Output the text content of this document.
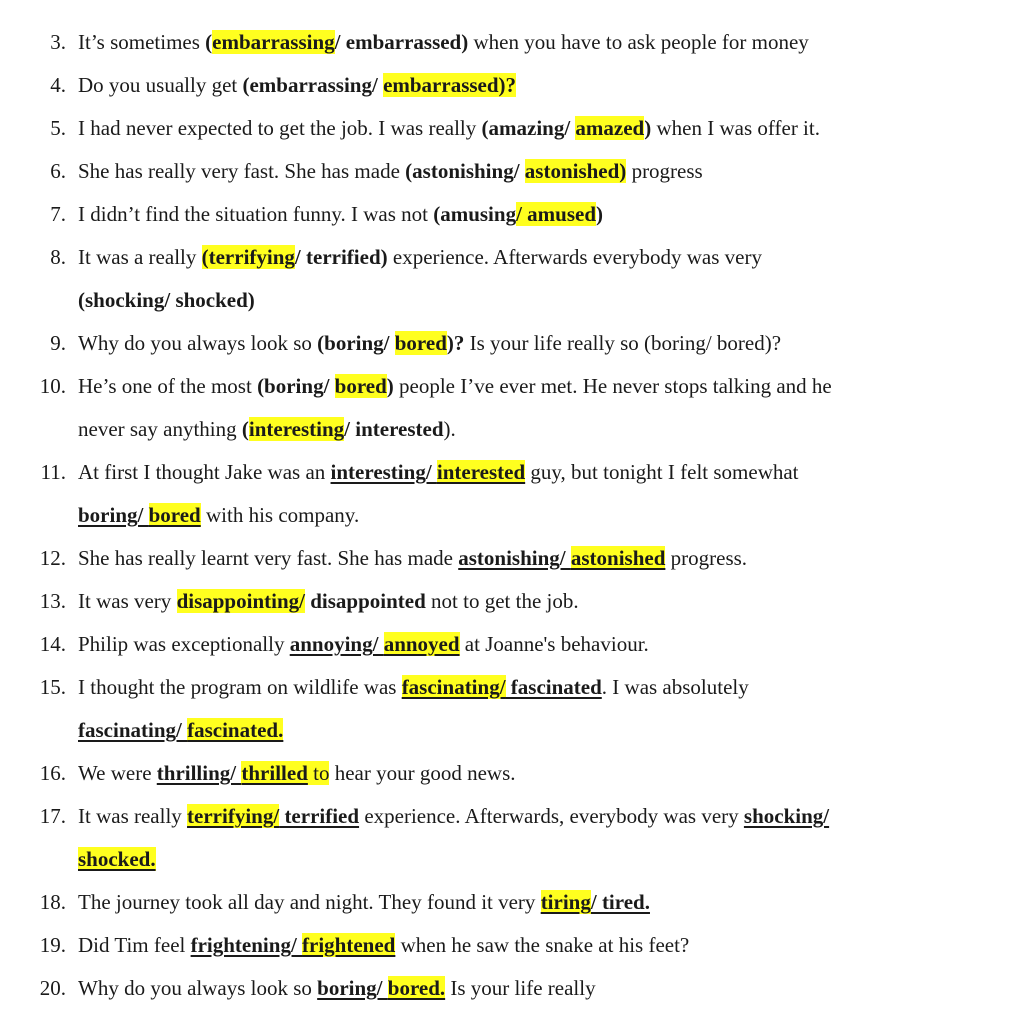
3. It’s sometimes (embarrassing/ embarrassed) when you have to ask people for money
4. Do you usually get (embarrassing/ embarrassed)?
5. I had never expected to get the job. I was really (amazing/ amazed) when I was offer it.
6. She has really very fast. She has made (astonishing/ astonished) progress
7. I didn’t find the situation funny. I was not (amusing/ amused)
8. It was a really (terrifying/ terrified) experience. Afterwards everybody was very
(shocking/ shocked)
9. Why do you always look so (boring/ bored)? Is your life really so (boring/ bored)?
10. He’s one of the most (boring/ bored) people I’ve ever met. He never stops talking and he
never say anything (interesting/ interested).
11. At first I thought Jake was an interesting/ interested guy, but tonight I felt somewhat
boring/ bored with his company.
12. She has really learnt very fast. She has made astonishing/ astonished progress.
13. It was very disappointing/ disappointed not to get the job.
14. Philip was exceptionally annoying/ annoyed at Joanne's behaviour.
15. I thought the program on wildlife was fascinating/ fascinated. I was absolutely
fascinating/ fascinated.
16. We were thrilling/ thrilled to hear your good news.
17. It was really terrifying/ terrified experience. Afterwards, everybody was very shocking/
shocked.
18. The journey took all day and night. They found it very tiring/ tired.
19. Did Tim feel frightening/ frightened when he saw the snake at his feet?
20. Why do you always look so boring/ bored. Is your life really
